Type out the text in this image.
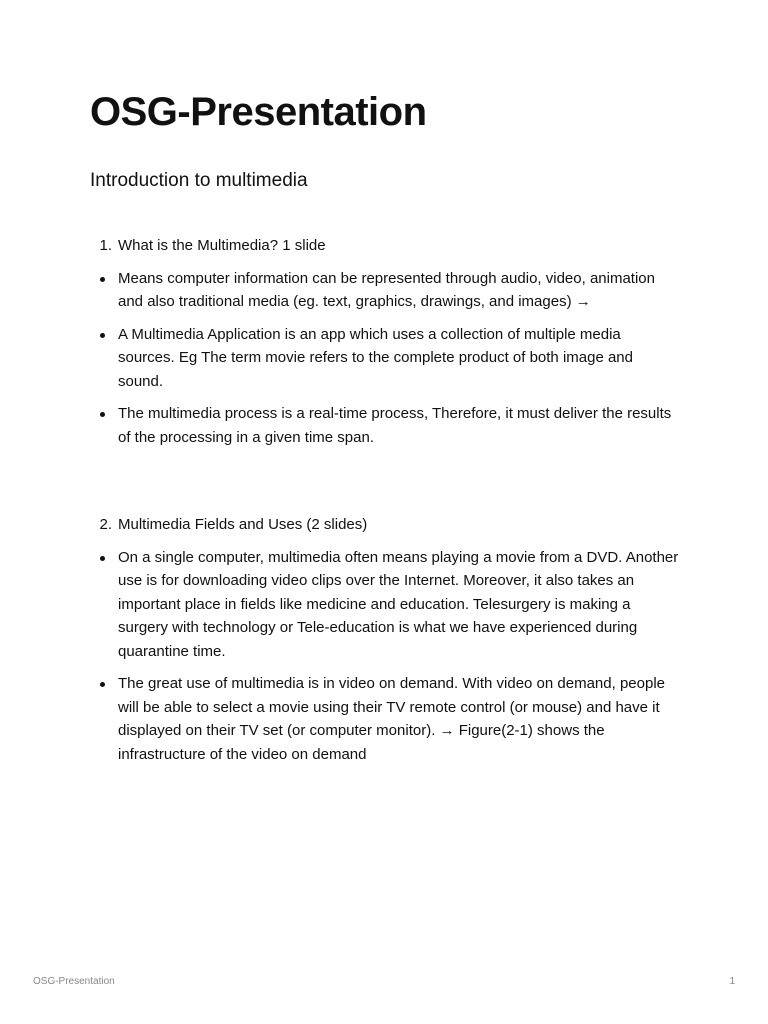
OSG-Presentation
Introduction to multimedia

1. What is the Multimedia? 1 slide

Means computer information can be represented through audio, video, animation and also traditional media (eg. text, graphics, drawings, and images) →

A Multimedia Application is an app which uses a collection of multiple media sources. Eg The term movie refers to the complete product of both image and sound.

The multimedia process is a real-time process, Therefore, it must deliver the results of the processing in a given time span.

2. Multimedia Fields and Uses (2 slides)

On a single computer, multimedia often means playing a movie from a DVD. Another use is for downloading video clips over the Internet. Moreover, it also takes an important place in fields like medicine and education. Telesurgery is making a surgery with technology or Tele-education is what we have experienced during quarantine time.

The great use of multimedia is in video on demand. With video on demand, people will be able to select a movie using their TV remote control (or mouse) and have it displayed on their TV set (or computer monitor). → Figure(2-1) shows the infrastructure of the video on demand

OSG-Presentation	1
